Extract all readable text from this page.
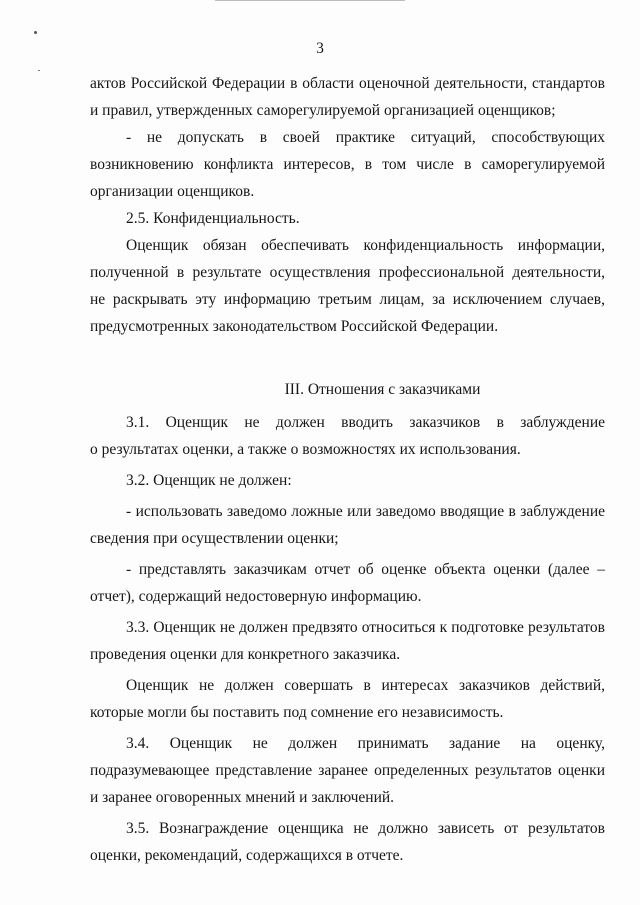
3
актов Российской Федерации в области оценочной деятельности, стандартов
и правил, утвержденных саморегулируемой организацией оценщиков;
- не допускать в своей практике ситуаций, способствующих
возникновению конфликта интересов, в том числе в саморегулируемой
организации оценщиков.
2.5. Конфиденциальность.
Оценщик обязан обеспечивать конфиденциальность информации,
полученной в результате осуществления профессиональной деятельности,
не раскрывать эту информацию третьим лицам, за исключением случаев,
предусмотренных законодательством Российской Федерации.
III. Отношения с заказчиками
3.1. Оценщик не должен вводить заказчиков в заблуждение
о результатах оценки, а также о возможностях их использования.
3.2. Оценщик не должен:
- использовать заведомо ложные или заведомо вводящие в заблуждение
сведения при осуществлении оценки;
- представлять заказчикам отчет об оценке объекта оценки (далее –
отчет), содержащий недостоверную информацию.
3.3. Оценщик не должен предвзято относиться к подготовке результатов
проведения оценки для конкретного заказчика.
Оценщик не должен совершать в интересах заказчиков действий,
которые могли бы поставить под сомнение его независимость.
3.4. Оценщик не должен принимать задание на оценку,
подразумевающее представление заранее определенных результатов оценки
и заранее оговоренных мнений и заключений.
3.5. Вознаграждение оценщика не должно зависеть от результатов
оценки, рекомендаций, содержащихся в отчете.
